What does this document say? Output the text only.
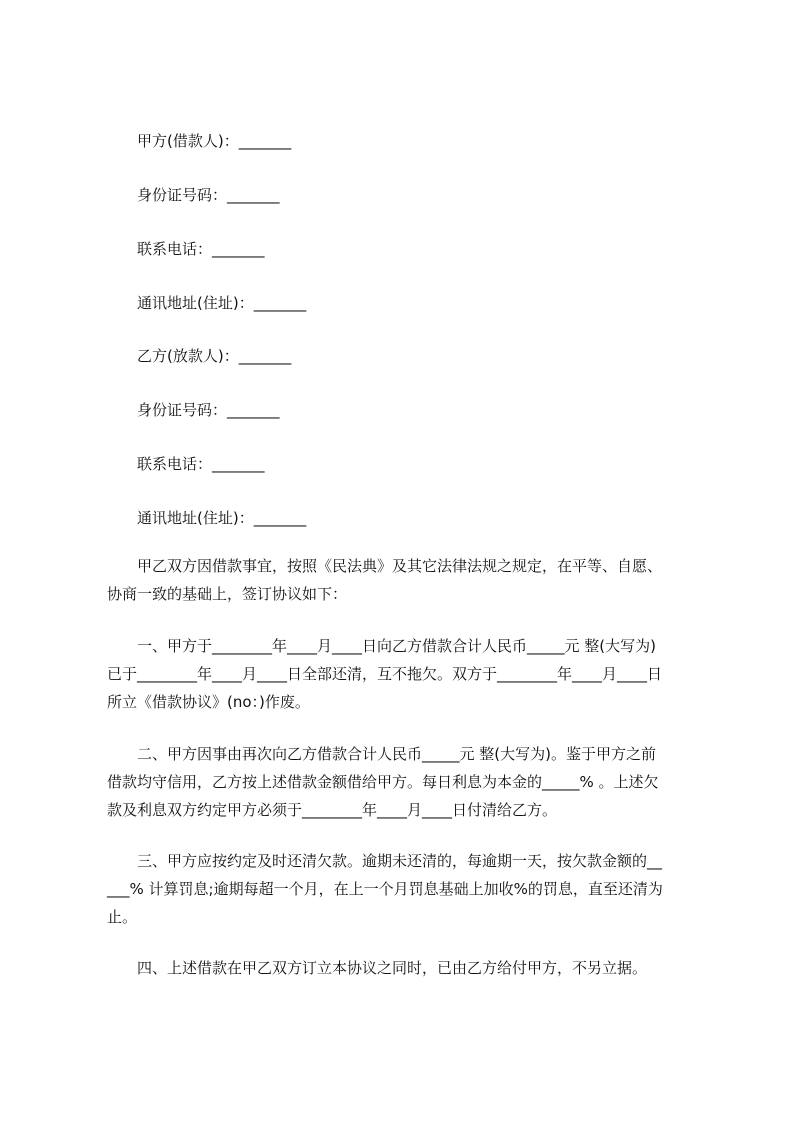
甲方(借款人)：_______
身份证号码：_______
联系电话：_______
通讯地址(住址)：_______
乙方(放款人)：_______
身份证号码：_______
联系电话：_______
通讯地址(住址)：_______
甲乙双方因借款事宜，按照《民法典》及其它法律法规之规定，在平等、自愿、
协商一致的基础上，签订协议如下：
一、甲方于________年____月____日向乙方借款合计人民币_____元 整(大写为)
已于________年____月____日全部还清，互不拖欠。双方于________年____月____日
所立《借款协议》(no：)作废。
二、甲方因事由再次向乙方借款合计人民币_____元 整(大写为)。鉴于甲方之前
借款均守信用，乙方按上述借款金额借给甲方。每日利息为本金的_____% 。上述欠
款及利息双方约定甲方必须于________年____月____日付清给乙方。
三、甲方应按约定及时还清欠款。逾期未还清的，每逾期一天，按欠款金额的__
___% 计算罚息;逾期每超一个月，在上一个月罚息基础上加收%的罚息，直至还清为
止。
四、上述借款在甲乙双方订立本协议之同时，已由乙方给付甲方，不另立据。
